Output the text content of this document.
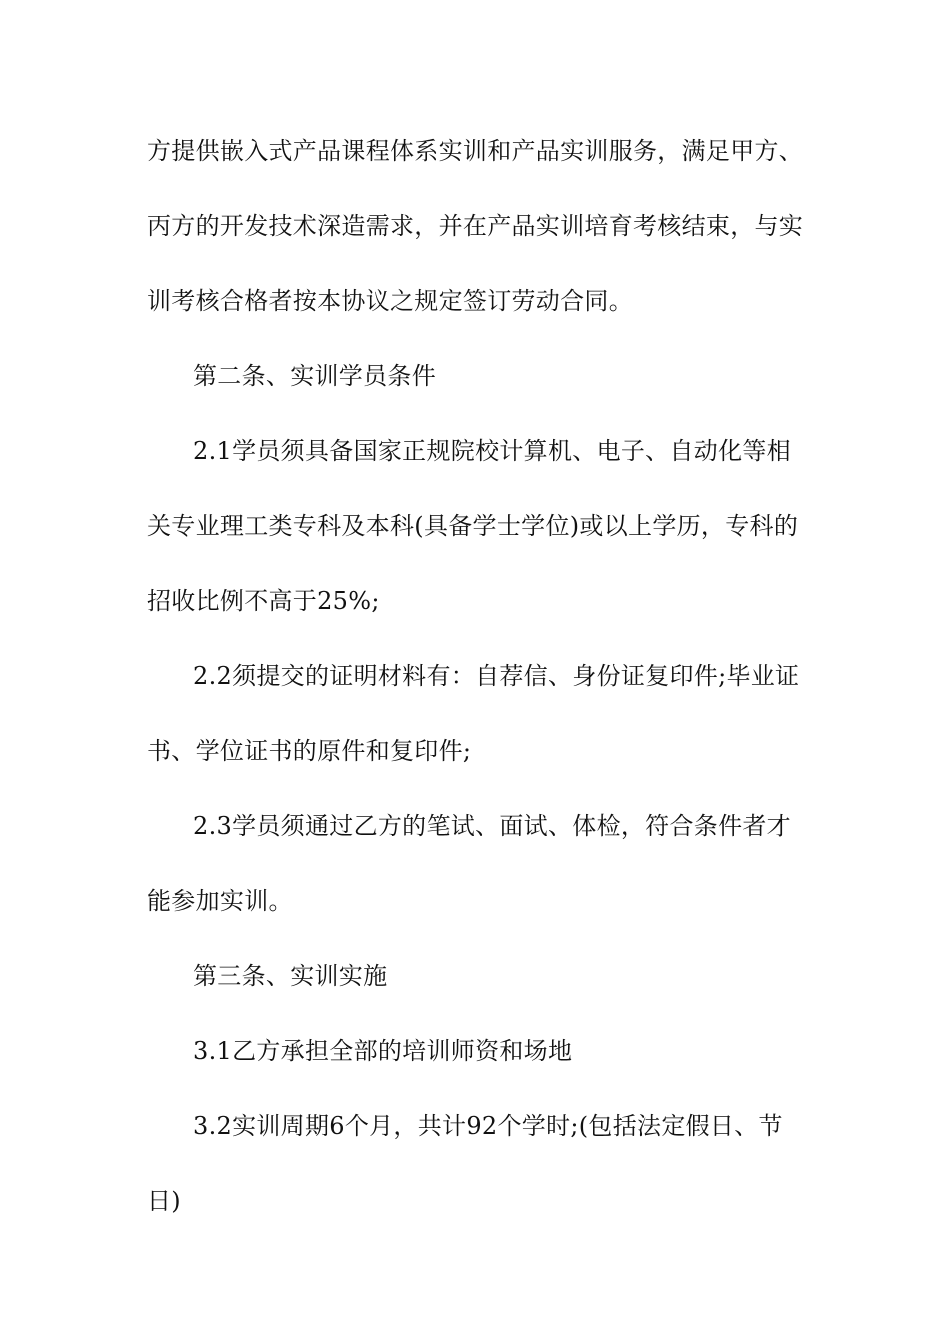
方提供嵌入式产品课程体系实训和产品实训服务，满足甲方、
丙方的开发技术深造需求，并在产品实训培育考核结束，与实
训考核合格者按本协议之规定签订劳动合同。
第二条、实训学员条件
2.1学员须具备国家正规院校计算机、电子、自动化等相
关专业理工类专科及本科(具备学士学位)或以上学历，专科的
招收比例不高于25%;
2.2须提交的证明材料有：自荐信、身份证复印件;毕业证
书、学位证书的原件和复印件;
2.3学员须通过乙方的笔试、面试、体检，符合条件者才
能参加实训。
第三条、实训实施
3.1乙方承担全部的培训师资和场地
3.2实训周期6个月，共计92个学时;(包括法定假日、节
日)
